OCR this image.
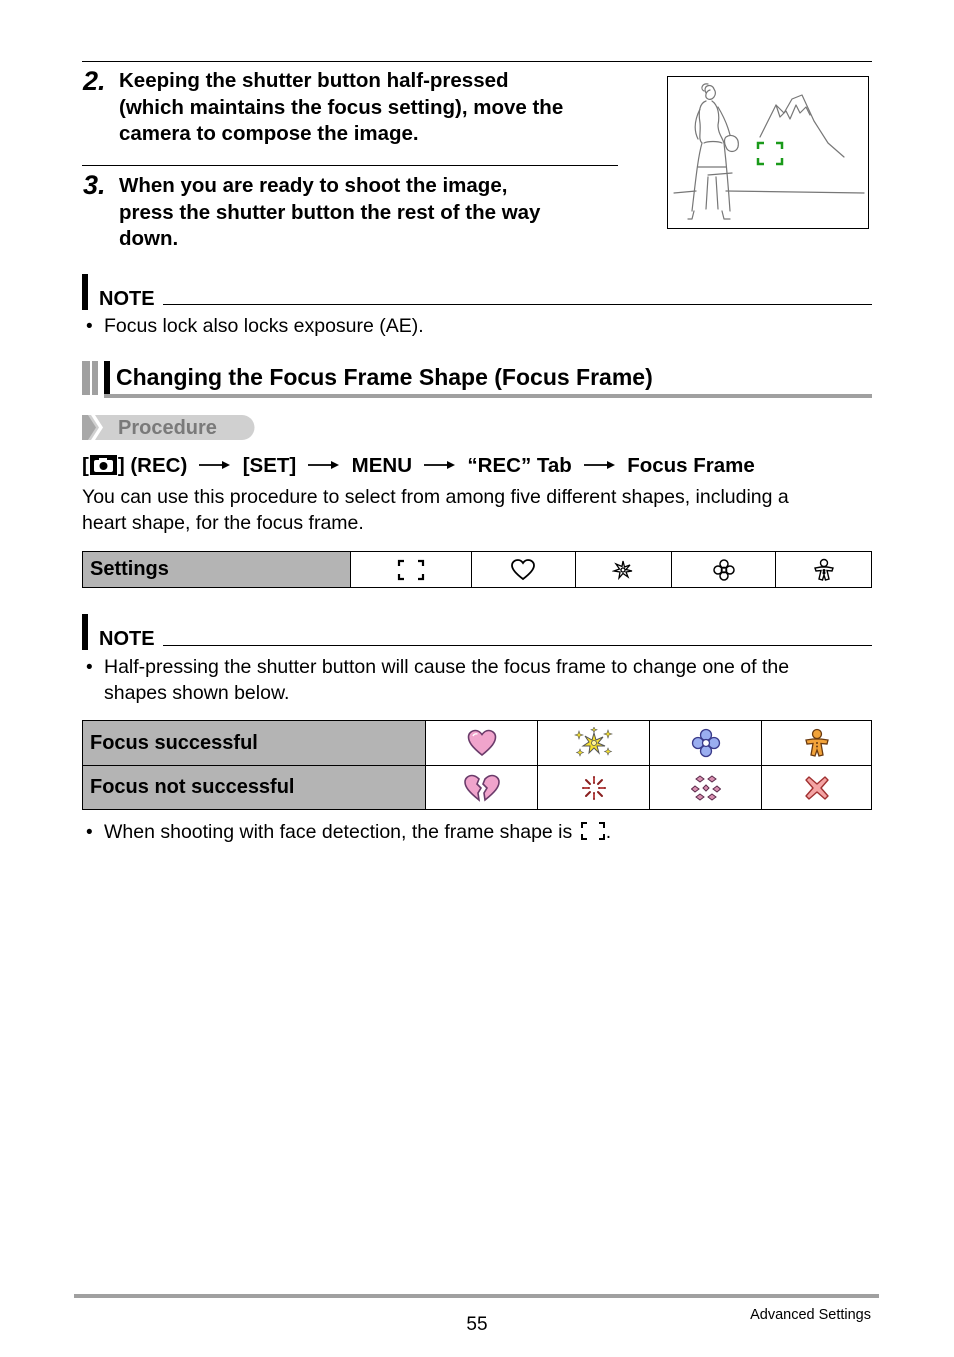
2. Keeping the shutter button half-pressed
(which maintains the focus setting), move the
camera to compose the image.
3. When you are ready to shoot the image,
press the shutter button the rest of the way
down.
NOTE
• Focus lock also locks exposure (AE).
Changing the Focus Frame Shape (Focus Frame)
Procedure
[ ] (REC)	[SET]	MENU	“REC” Tab	Focus Frame
You can use this procedure to select from among five different shapes, including a
heart shape, for the focus frame.
Settings					
NOTE
• Half-pressing the shutter button will cause the focus frame to change one of the
shapes shown below.
Focus successful				
Focus not successful				
• When shooting with face detection, the frame shape is .
55	Advanced Settings
